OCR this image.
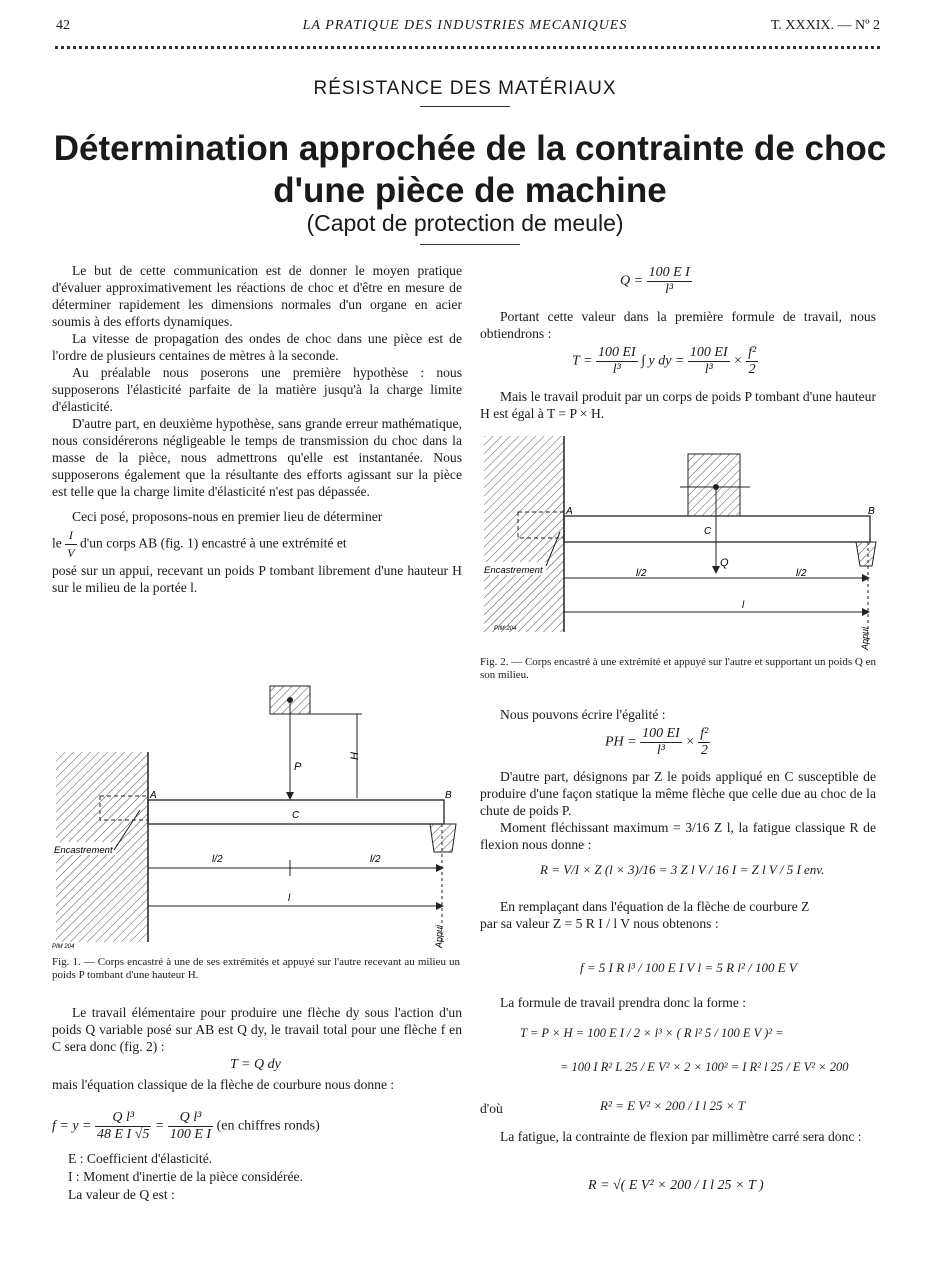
42	LA PRATIQUE DES INDUSTRIES MECANIQUES	T. XXXIX. — Nº 2
RÉSISTANCE DES MATÉRIAUX
Détermination approchée de la contrainte de choc
d'une pièce de machine
(Capot de protection de meule)

Le but de cette communication est de donner le moyen pratique d'évaluer approximativement les réactions de choc et d'être en mesure de déterminer rapidement les dimensions normales d'un organe en acier soumis à des efforts dynamiques.

La vitesse de propagation des ondes de choc dans une pièce est de l'ordre de plusieurs centaines de mètres à la seconde.

Au préalable nous poserons une première hypothèse : nous supposerons l'élasticité parfaite de la matière jusqu'à la charge limite d'élasticité.

D'autre part, en deuxième hypothèse, sans grande erreur mathématique, nous considérerons négligeable le temps de transmission du choc dans la masse de la pièce, nous admettrons qu'elle est instantanée. Nous supposerons également que la résultante des efforts agissant sur la pièce est telle que la charge limite d'élasticité n'est pas dépassée.

Ceci posé, proposons-nous en premier lieu de déterminer

le $\frac{I}{V} d'un$ corps AB (fig. 1) encastré à une extrémité et
posé sur un appui, recevant un poids P tombant librement d'une hauteur H sur le milieu de la portée l.
P
H
A	B
C
l/2	l/2
l
Encastrement
Appui
PIM 204
Fig. 1. — Corps encastré à une de ses extrémités et appuyé sur l'autre recevant au milieu un poids P tombant d'une hauteur H.

Le travail élémentaire pour produire une flèche dy sous l'action d'un poids Q variable posé sur AB est Q dy, le travail total pour une flèche f en C sera donc (fig. 2) :

T = Q dy
mais l'équation classique de la flèche de courbure nous donne :
$f = y = \frac{\text{Q l³}}{\text{48 E I √5}} = \frac{\text{Q l³}}{\text{100 E I}} (en$ chiffres ronds)
E : Coefficient d'élasticité.
I : Moment d'inertie de la pièce considérée.
La valeur de Q est :
$Q = \frac{\text{100 E I}}{\text{l³}}$

Portant cette valeur dans la première formule de travail, nous obtiendrons :

$T = \frac{100 EI}{\text{l³}}$ ∫ y dy = $\frac{100 EI}{\text{l³}} \times \frac{\text{f²}}{2}$

Mais le travail produit par un corps de poids P tombant d'une hauteur H est égal à T = P × H.

Q
A	B
C
l/2	l/2
l
Encastrement
Appui
PIM 204
Fig. 2. — Corps encastré à une extrémité et appuyé sur l'autre et supportant un poids Q en son milieu.

Nous pouvons écrire l'égalité :

PH = $\frac{100 EI}{\text{l³}} \times \frac{\text{f²}}{2}$

D'autre part, désignons par Z le poids appliqué en C susceptible de produire d'une façon statique la même flèche que celle due au choc de la chute de poids P.

Moment fléchissant maximum = 3/16 Z l, la fatigue classique R de flexion nous donne :

R = V/I × Z (l × 3)/16 = 3 Z l V / 16 I = Z l V / 5 I env.

En remplaçant dans l'équation de la flèche de courbure Z

par sa valeur Z = 5 R I / l V nous obtenons :
f = 5 I R l³ / 100 E I V l = 5 R l² / 100 E V

La formule de travail prendra donc la forme :

T = P × H = 100 E I / 2 × l³ × ( R l² 5 / 100 E V )² =
= 100 I R² L 25 / E V² × 2 × 100² = I R² l 25 / E V² × 200
d'où	R² = E V² × 200 / I l 25 × T

La fatigue, la contrainte de flexion par millimètre carré sera donc :

R = √( E V² × 200 / I l 25 × T )
